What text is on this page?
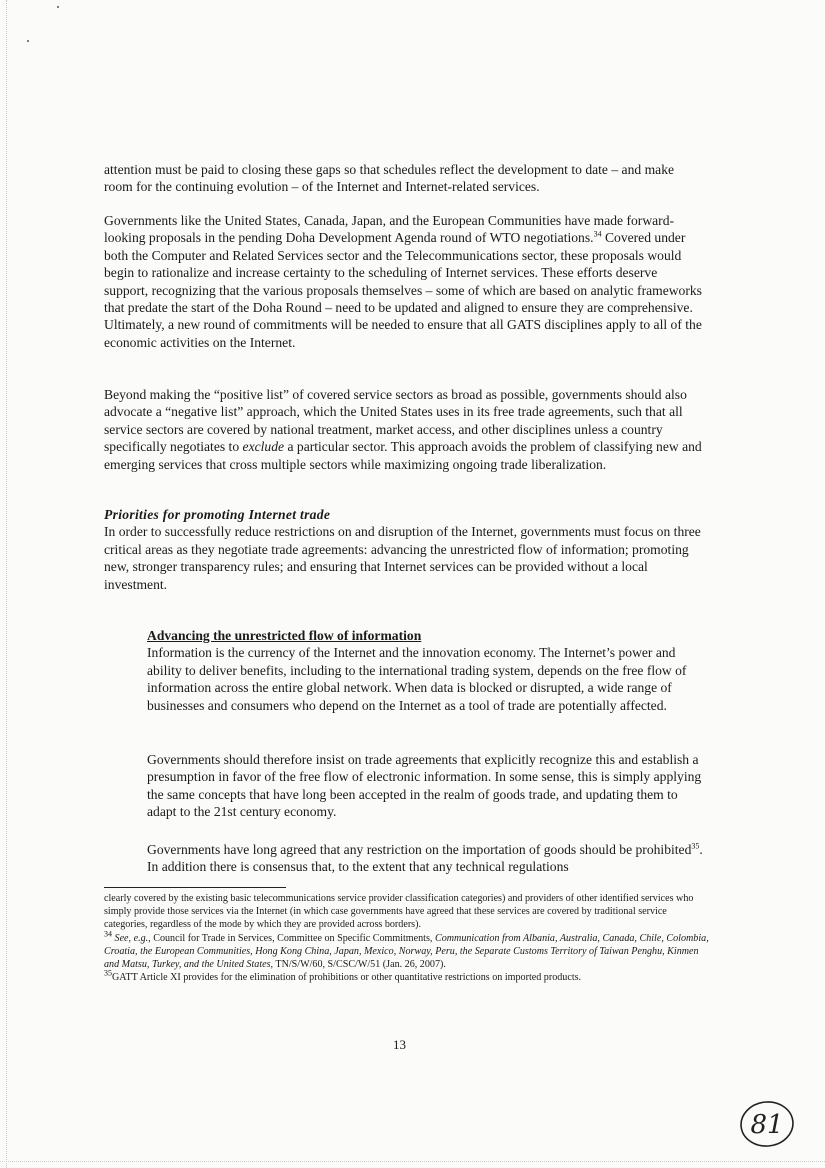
attention must be paid to closing these gaps so that schedules reflect the development to date – and make room for the continuing evolution – of the Internet and Internet-related services.

Governments like the United States, Canada, Japan, and the European Communities have made forward-looking proposals in the pending Doha Development Agenda round of WTO negotiations.$^{34}$ Covered under both the Computer and Related Services sector and the Telecommunications sector, these proposals would begin to rationalize and increase certainty to the scheduling of Internet services. These efforts deserve support, recognizing that the various proposals themselves – some of which are based on analytic frameworks that predate the start of the Doha Round – need to be updated and aligned to ensure they are comprehensive. Ultimately, a new round of commitments will be needed to ensure that all GATS disciplines apply to all of the economic activities on the Internet.

Beyond making the “positive list” of covered service sectors as broad as possible, governments should also advocate a “negative list” approach, which the United States uses in its free trade agreements, such that all service sectors are covered by national treatment, market access, and other disciplines unless a country specifically negotiates to exclude a particular sector. This approach avoids the problem of classifying new and emerging services that cross multiple sectors while maximizing ongoing trade liberalization.

Priorities for promoting Internet trade

In order to successfully reduce restrictions on and disruption of the Internet, governments must focus on three critical areas as they negotiate trade agreements: advancing the unrestricted flow of information; promoting new, stronger transparency rules; and ensuring that Internet services can be provided without a local investment.

Advancing the unrestricted flow of information

Information is the currency of the Internet and the innovation economy. The Internet’s power and ability to deliver benefits, including to the international trading system, depends on the free flow of information across the entire global network. When data is blocked or disrupted, a wide range of businesses and consumers who depend on the Internet as a tool of trade are potentially affected.

Governments should therefore insist on trade agreements that explicitly recognize this and establish a presumption in favor of the free flow of electronic information. In some sense, this is simply applying the same concepts that have long been accepted in the realm of goods trade, and updating them to adapt to the 21st century economy.

Governments have long agreed that any restriction on the importation of goods should be prohibited$^{35}$. In addition there is consensus that, to the extent that any technical regulations

clearly covered by the existing basic telecommunications service provider classification categories) and providers of other identified services who simply provide those services via the Internet (in which case governments have agreed that these services are covered by traditional service categories, regardless of the mode by which they are provided across borders).

$^{34}$ See, e.g., Council for Trade in Services, Committee on Specific Commitments, Communication from Albania, Australia, Canada, Chile, Colombia, Croatia, the European Communities, Hong Kong China, Japan, Mexico, Norway, Peru, the Separate Customs Territory of Taiwan Penghu, Kinmen and Matsu, Turkey, and the United States, TN/S/W/60, S/CSC/W/51 (Jan. 26, 2007).

$^{35}$GATT Article XI provides for the elimination of prohibitions or other quantitative restrictions on imported products.

13
81
